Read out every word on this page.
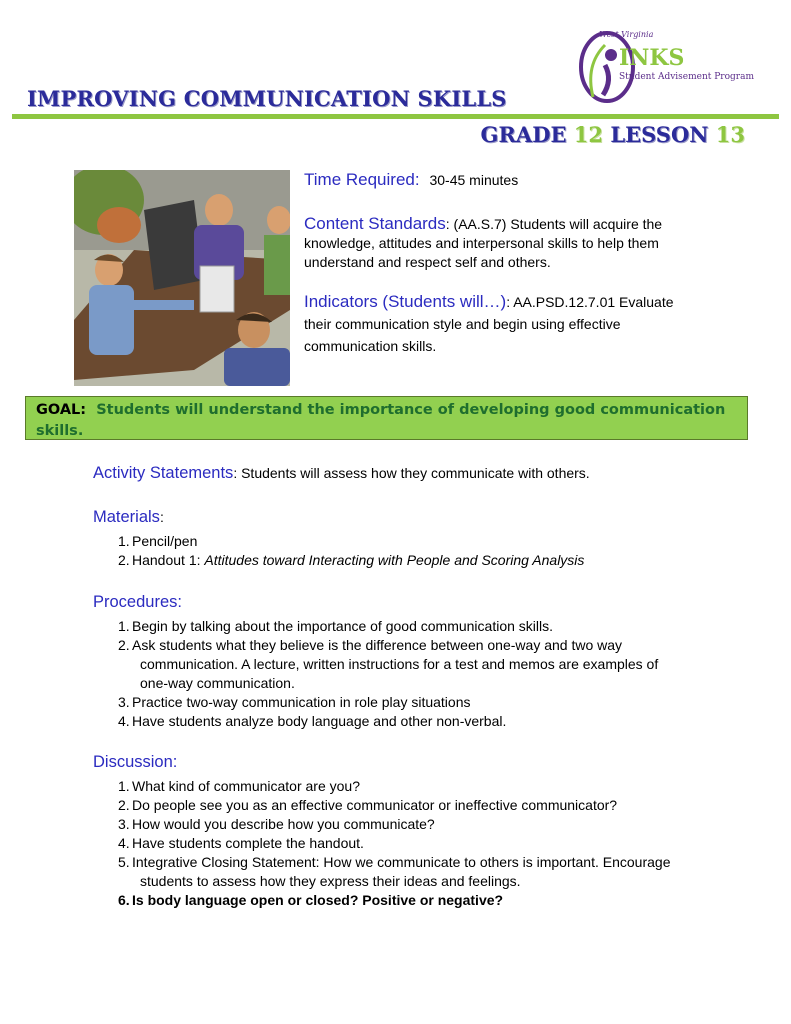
West Virginia
INKS
Student Advisement Program
IMPROVING COMMUNICATION SKILLS
GRADE 12 LESSON 13
Time Required: 30-45 minutes
Content Standards: (AA.S.7) Students will acquire the knowledge, attitudes and interpersonal skills to help them understand and respect self and others.
Indicators (Students will…): AA.PSD.12.7.01 Evaluate their communication style and begin using effective communication skills.
GOAL: Students will understand the importance of developing good communication skills.
Activity Statements: Students will assess how they communicate with others.
Materials:
1. Pencil/pen
2. Handout 1: Attitudes toward Interacting with People and Scoring Analysis
Procedures:
1. Begin by talking about the importance of good communication skills.
2. Ask students what they believe is the difference between one-way and two way
communication. A lecture, written instructions for a test and memos are examples of one-way communication.
3. Practice two-way communication in role play situations
4. Have students analyze body language and other non-verbal.
Discussion:
1. What kind of communicator are you?
2. Do people see you as an effective communicator or ineffective communicator?
3. How would you describe how you communicate?
4. Have students complete the handout.
5. Integrative Closing Statement: How we communicate to others is important. Encourage
students to assess how they express their ideas and feelings.
6. Is body language open or closed? Positive or negative?
